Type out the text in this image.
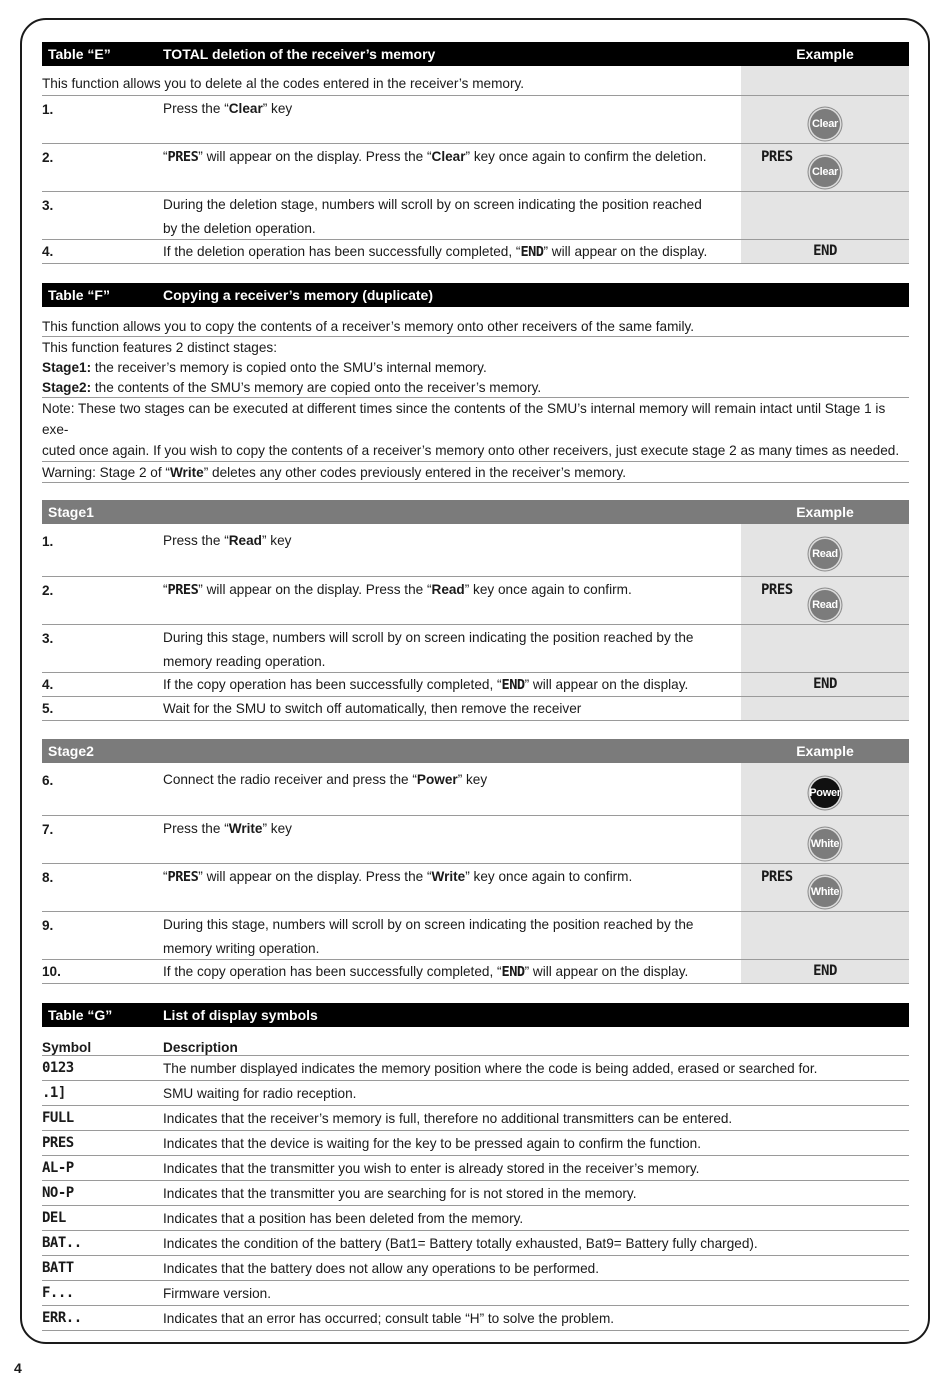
Table “E”	TOTAL deletion of the receiver’s memory	Example
This function allows you to delete al the codes entered in the receiver’s memory.
1.	Press the “Clear” key
Clear
2.	“PRES” will appear on the display. Press the “Clear” key once again to confirm the deletion.	PRES
Clear
3.	During the deletion stage, numbers will scroll by on screen indicating the position reached
by the deletion operation.
4.	If the deletion operation has been successfully completed, “END” will appear on the display.	END
Table “F”	Copying a receiver’s memory (duplicate)
This function allows you to copy the contents of a receiver’s memory onto other receivers of the same family.
This function features 2 distinct stages:
Stage1: the receiver’s memory is copied onto the SMU’s internal memory.
Stage2: the contents of the SMU’s memory are copied onto the receiver’s memory.
Note: These two stages can be executed at different times since the contents of the SMU’s internal memory will remain intact until Stage 1 is exe-
cuted once again. If you wish to copy the contents of a receiver’s memory onto other receivers, just execute stage 2 as many times as needed.
Warning: Stage 2 of “Write” deletes any other codes previously entered in the receiver’s memory.
Stage1	Example
1.	Press the “Read” key
Read
2.	“PRES” will appear on the display. Press the “Read” key once again to confirm.	PRES
Read
3.	During this stage, numbers will scroll by on screen indicating the position reached by the
memory reading operation.
4.	If the copy operation has been successfully completed, “END” will appear on the display.	END
5.	Wait for the SMU to switch off automatically, then remove the receiver
Stage2	Example
6.	Connect the radio receiver and press the “Power” key
Power
7.	Press the “Write” key
White
8.	“PRES” will appear on the display. Press the “Write” key once again to confirm.	PRES
White
9.	During this stage, numbers will scroll by on screen indicating the position reached by the
memory writing operation.
10.	If the copy operation has been successfully completed, “END” will appear on the display.	END
Table “G”	List of display symbols
Symbol	Description
0123	The number displayed indicates the memory position where the code is being added, erased or searched for.
.1]	SMU waiting for radio reception.
FULL	Indicates that the receiver’s memory is full, therefore no additional transmitters can be entered.
PRES	Indicates that the device is waiting for the key to be pressed again to confirm the function.
AL-P	Indicates that the transmitter you wish to enter is already stored in the receiver’s memory.
NO-P	Indicates that the transmitter you are searching for is not stored in the memory.
DEL	Indicates that a position has been deleted from the memory.
BAT..	Indicates the condition of the battery (Bat1= Battery totally exhausted, Bat9= Battery fully charged).
BATT	Indicates that the battery does not allow any operations to be performed.
F...	Firmware version.
ERR..	Indicates that an error has occurred; consult table “H” to solve the problem.
4
